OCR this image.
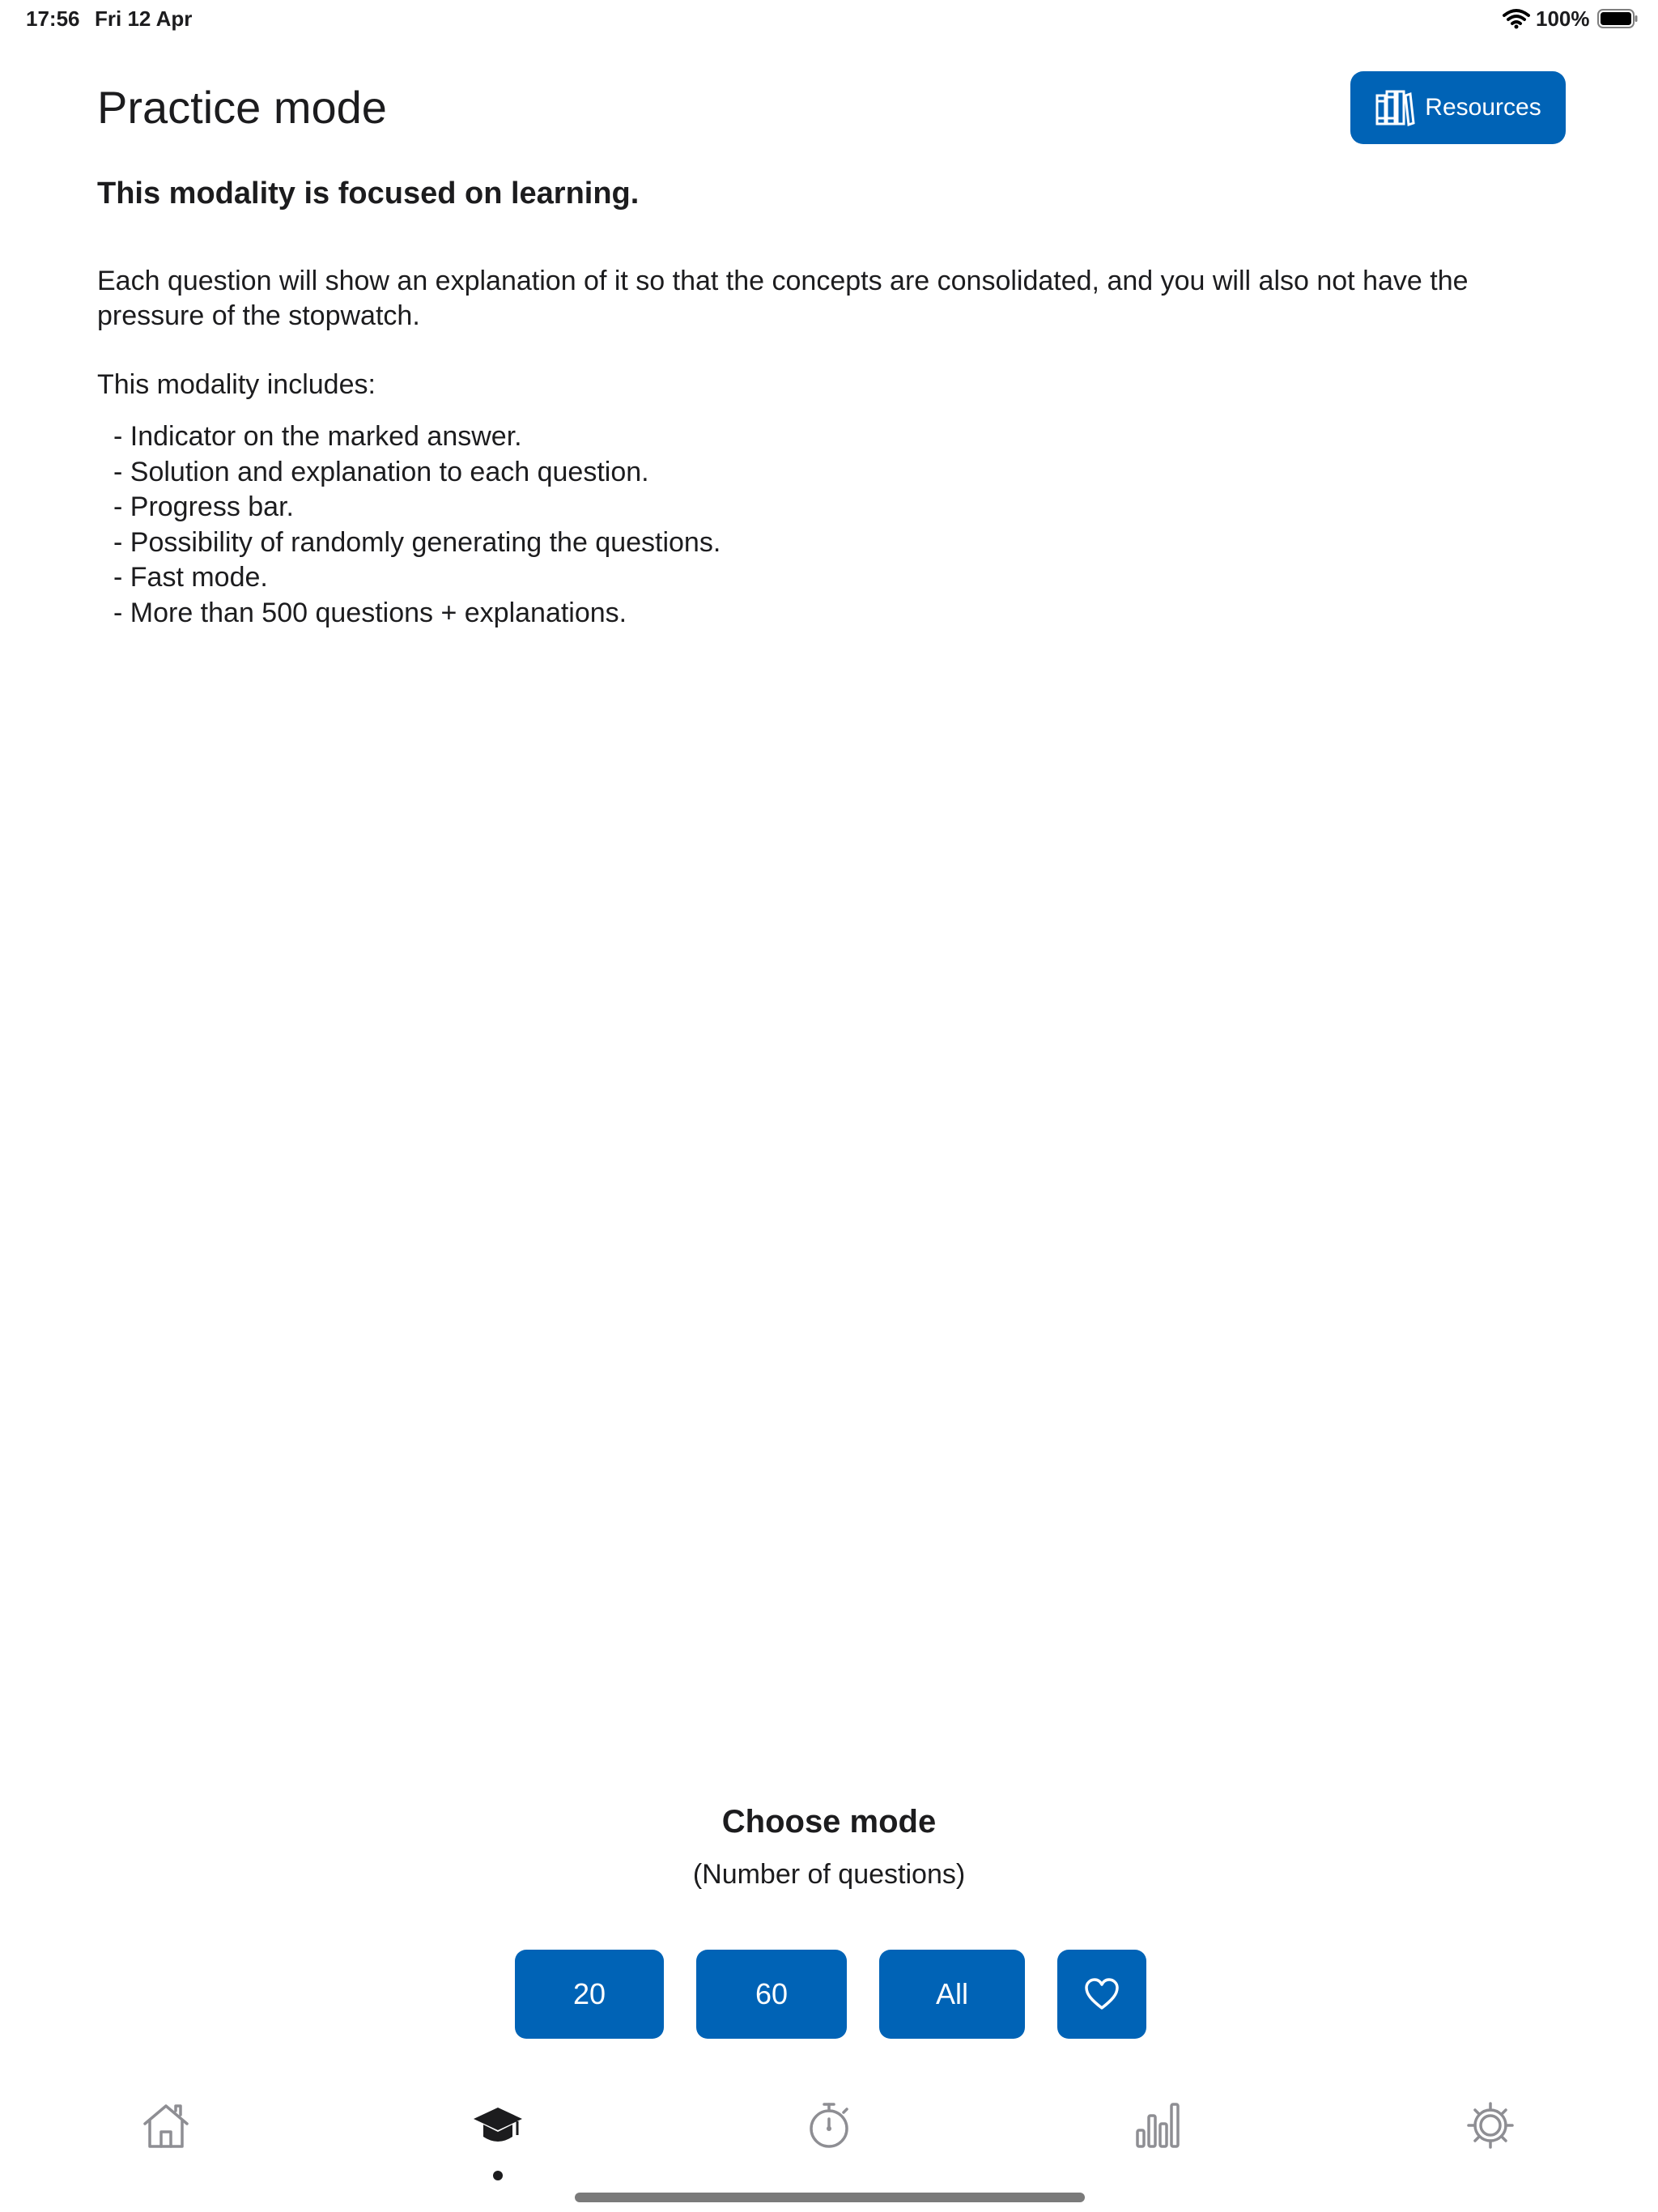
17:56 Fri 12 Apr	100%
Practice mode	Resources

This modality is focused on learning.

Each question will show an explanation of it so that the concepts are consolidated, and you will also not have the pressure of the stopwatch.

This modality includes:

- Indicator on the marked answer.
- Solution and explanation to each question.
- Progress bar.
- Possibility of randomly generating the questions.
- Fast mode.
- More than 500 questions + explanations.

Choose mode

(Number of questions)

20	60	All
